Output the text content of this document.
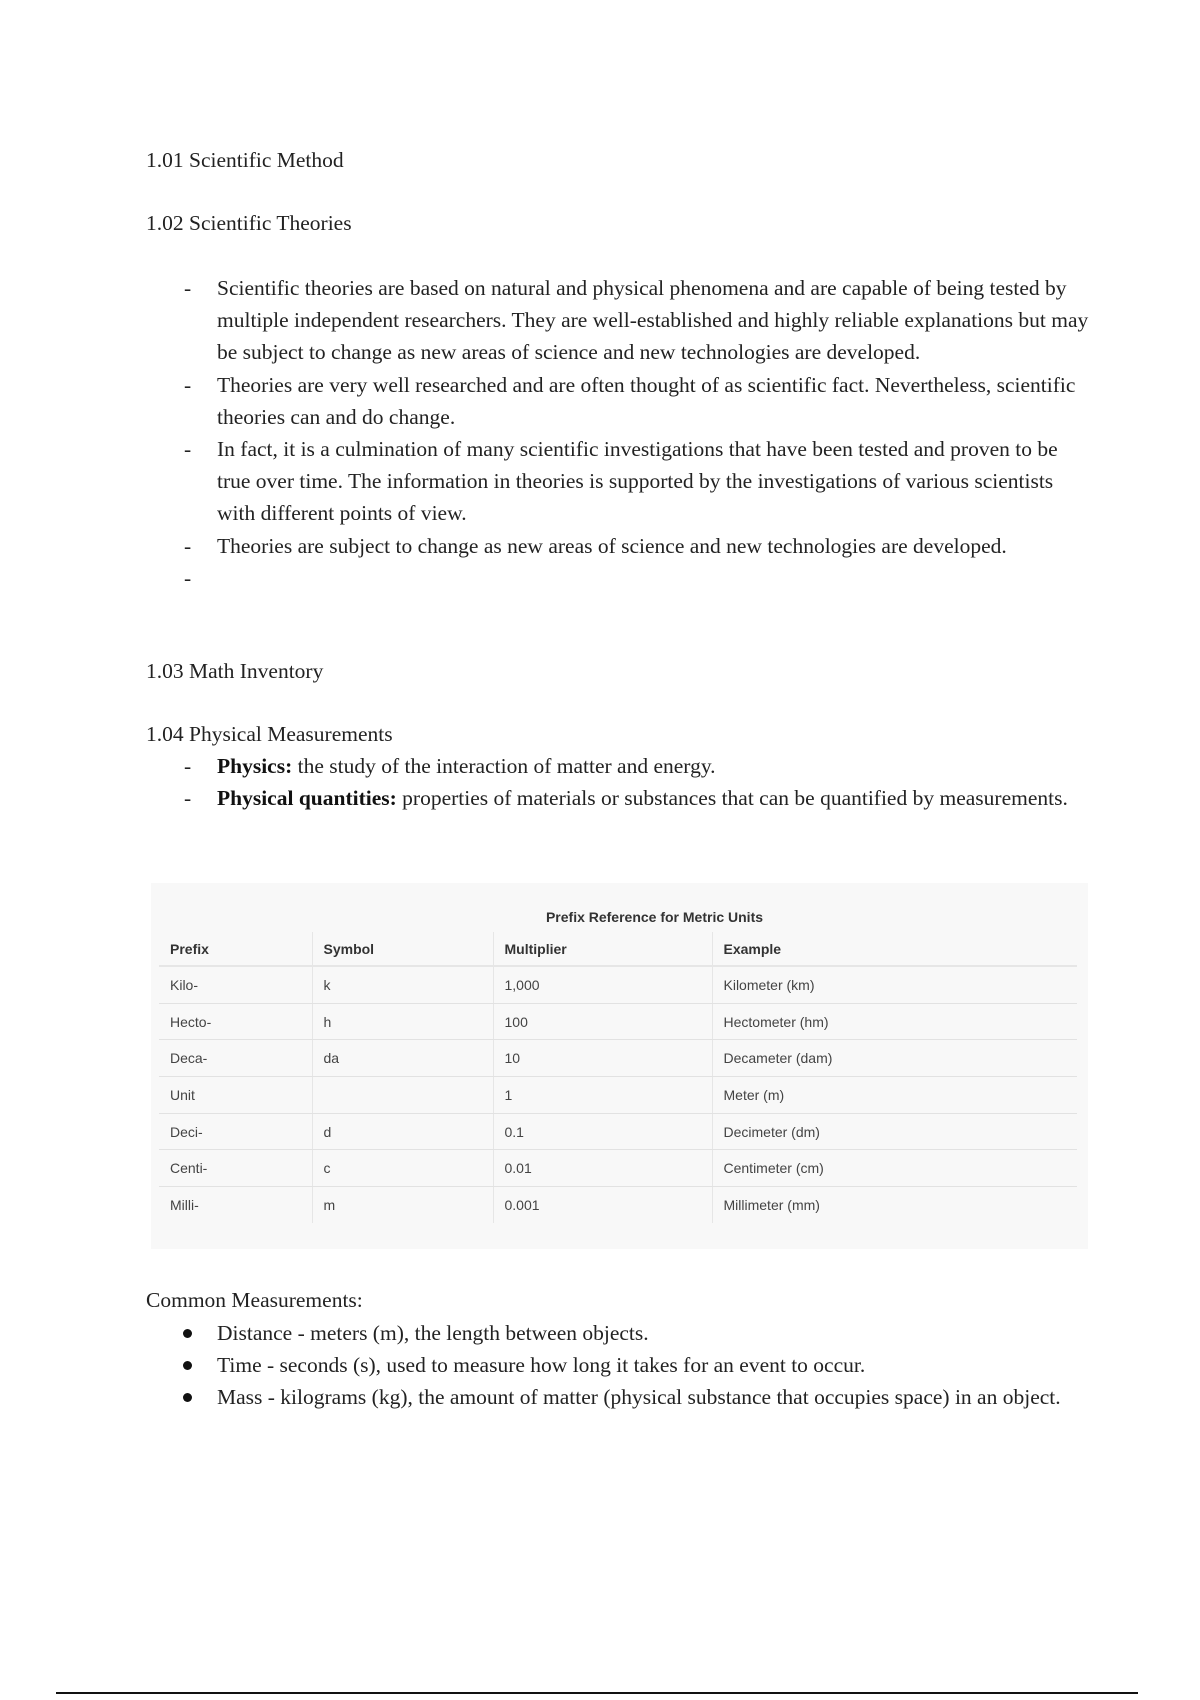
1.01 Scientific Method
1.02 Scientific Theories
- Scientific theories are based on natural and physical phenomena and are capable of being tested by multiple independent researchers. They are well-established and highly reliable explanations but may be subject to change as new areas of science and new technologies are developed.
- Theories are very well researched and are often thought of as scientific fact. Nevertheless, scientific theories can and do change.
- In fact, it is a culmination of many scientific investigations that have been tested and proven to be true over time. The information in theories is supported by the investigations of various scientists with different points of view.
- Theories are subject to change as new areas of science and new technologies are developed.
-

1.03 Math Inventory
1.04 Physical Measurements
- Physics: the study of the interaction of matter and energy.
- Physical quantities: properties of materials or substances that can be quantified by measurements.
Prefix Reference for Metric Units
Prefix	Symbol	Multiplier	Example
Kilo-	k	1,000	Kilometer (km)
Hecto-	h	100	Hectometer (hm)
Deca-	da	10	Decameter (dam)
Unit		1	Meter (m)
Deci-	d	0.1	Decimeter (dm)
Centi-	c	0.01	Centimeter (cm)
Milli-	m	0.001	Millimeter (mm)
Common Measurements:
Distance - meters (m), the length between objects.
Time - seconds (s), used to measure how long it takes for an event to occur.
Mass - kilograms (kg), the amount of matter (physical substance that occupies space) in an object.
